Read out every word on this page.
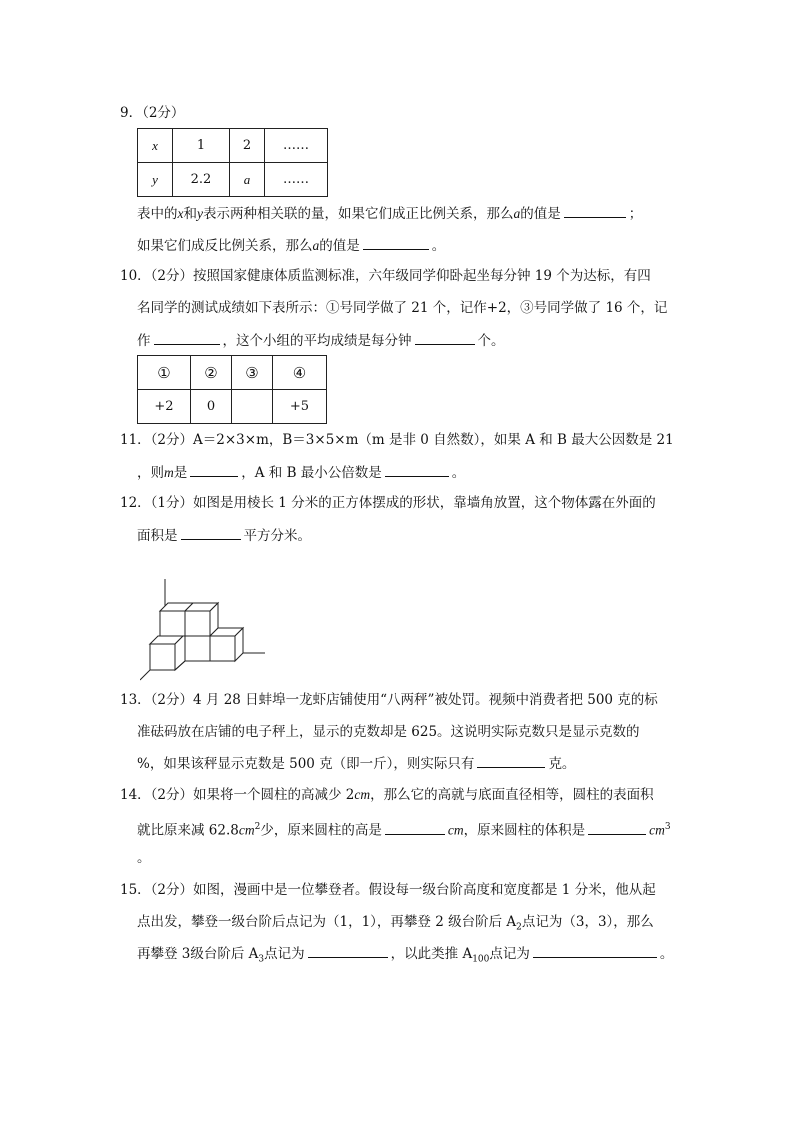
9．（2分）
x	1	2	……
y	2.2	a	……
表中的x和y表示两种相关联的量，如果它们成正比例关系，那么a的值是	；
如果它们成反比例关系，那么a的值是	。
10．（2分）按照国家健康体质监测标准，六年级同学仰卧起坐每分钟 19 个为达标，有四
名同学的测试成绩如下表所示：①号同学做了 21 个，记作+2，③号同学做了 16 个，记
作	，这个小组的平均成绩是每分钟	个。
①	②	③	④
+2	0		+5
11．（2分）A＝2×3×m，B＝3×5×m（m 是非 0 自然数），如果 A 和 B 最大公因数是 21
，则m是	，A 和 B 最小公倍数是	。
12．（1分）如图是用棱长 1 分米的正方体摆成的形状，靠墙角放置，这个物体露在外面的
面积是	平方分米。
13．（2分）4 月 28 日蚌埠一龙虾店铺使用“八两秤”被处罚。视频中消费者把 500 克的标
准砝码放在店铺的电子秤上，显示的克数却是 625。这说明实际克数只是显示克数的
%，如果该秤显示克数是 500 克（即一斤），则实际只有	克。
14．（2分）如果将一个圆柱的高减少 2cm，那么它的高就与底面直径相等，圆柱的表面积
就比原来减 $62.8cm^2$少，原来圆柱的高是	cm，原来圆柱的体积是	$cm^3$
。
15．（2分）如图，漫画中是一位攀登者。假设每一级台阶高度和宽度都是 1 分米，他从起
点出发，攀登一级台阶后点记为（1，1），再攀登 2 级台阶后 $A_2$点记为（3，3），那么
再攀登 3级台阶后 $A_3$点记为	，以此类推 $A_{100}$点记为	。
